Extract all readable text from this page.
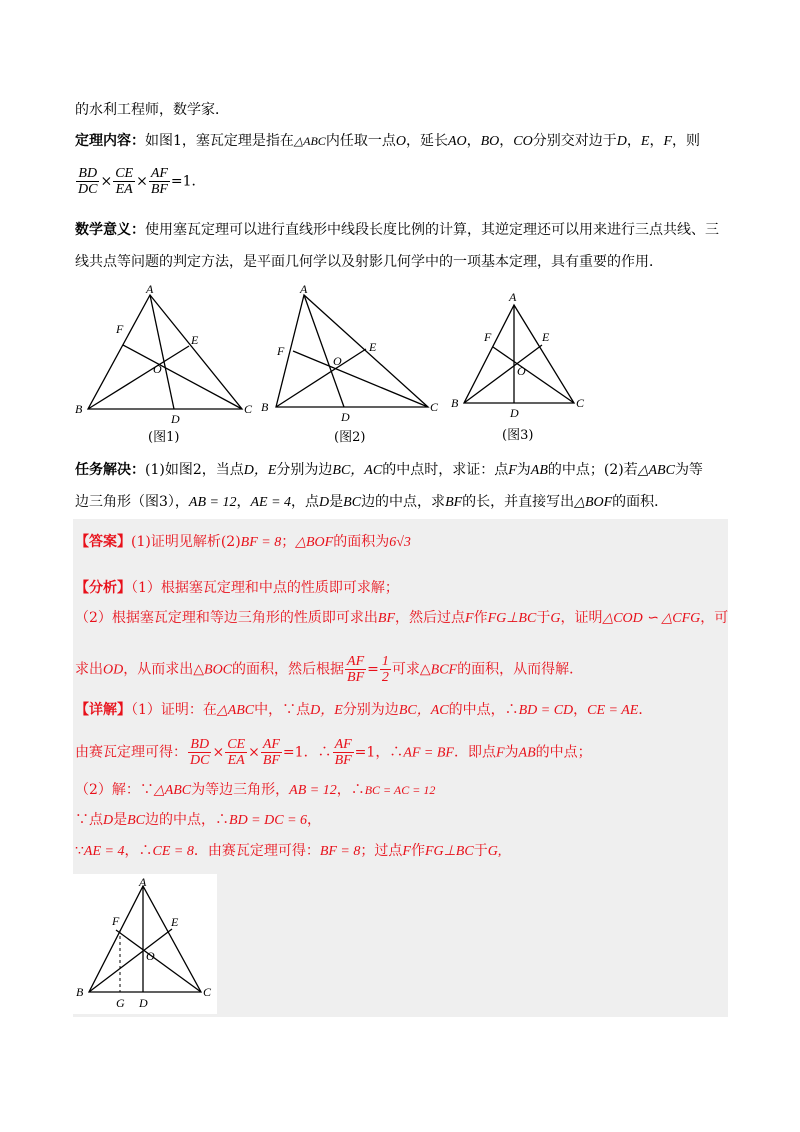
的水利工程师，数学家．
定理内容：如图1，塞瓦定理是指在△ABC内任取一点O，延长AO，BO，CO分别交对边于D，E，F，则
$\frac{BD}{DC} \times \frac{CE}{EA} \times \frac{AF}{BF} =1$．
数学意义：使用塞瓦定理可以进行直线形中线段长度比例的计算，其逆定理还可以用来进行三点共线、三
线共点等问题的判定方法，是平面几何学以及射影几何学中的一项基本定理，具有重要的作用．
A
B	C
D
E
F
O
(图1)
A
B	C
D
E
F
O
(图2)
A
B	C
D
E
F
O
(图3)
任务解决：(1)如图2，当点D，E分别为边BC，AC的中点时，求证：点F为AB的中点；(2)若△ABC为等
边三角形（图3），AB = 12，AE = 4，点D是BC边的中点，求BF的长，并直接写出△BOF的面积．
【答案】(1)证明见解析(2)BF = 8；△BOF的面积为6√3
【分析】（1）根据塞瓦定理和中点的性质即可求解；
（2）根据塞瓦定理和等边三角形的性质即可求出BF，然后过点F作FG⊥BC于G，证明△COD ∽ △CFG，可
求出OD，从而求出△BOC的面积，然后根据 $\frac{AF}{BF} = \frac{1}{2}$ 可求△BCF的面积，从而得解．
【详解】（1）证明：在△ABC中，∵点D，E分别为边BC，AC的中点，∴BD = CD，CE = AE．
由赛瓦定理可得： $\frac{BD}{DC} \times \frac{CE}{EA} \times \frac{AF}{BF} =1$．∴ $\frac{AF}{BF} =1$，∴AF = BF．即点F为AB的中点；
（2）解：∵△ABC为等边三角形，AB = 12，∴BC = AC = 12
∵点D是BC边的中点，∴BD = DC = 6，
∵AE = 4，∴CE = 8．由赛瓦定理可得：BF = 8；过点F作FG⊥BC于G,
A
B	C
D
E
F
G
O
